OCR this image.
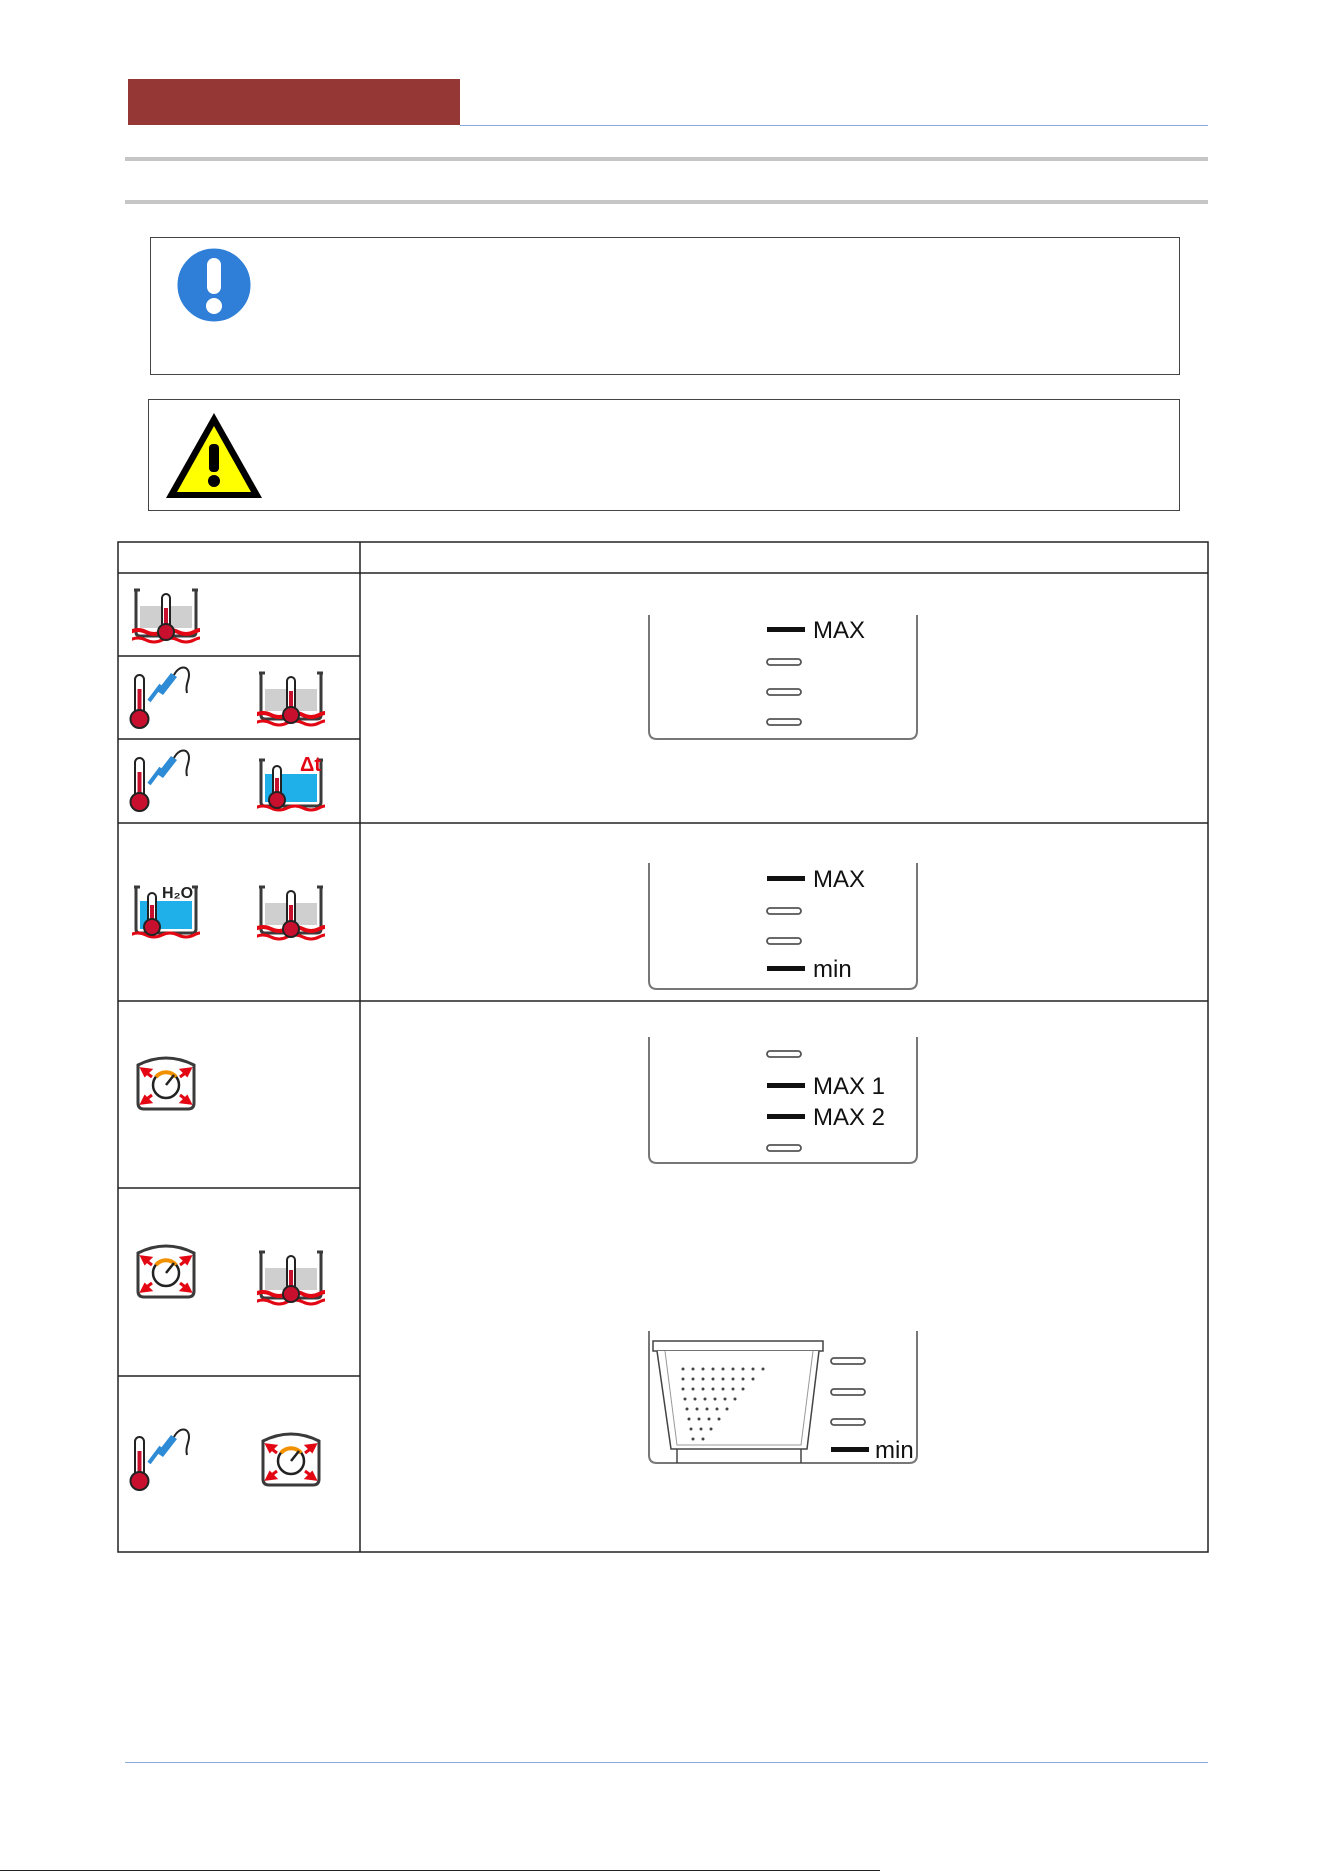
Δt
H₂O
MAX
MAX
min
MAX 1
MAX 2
min
